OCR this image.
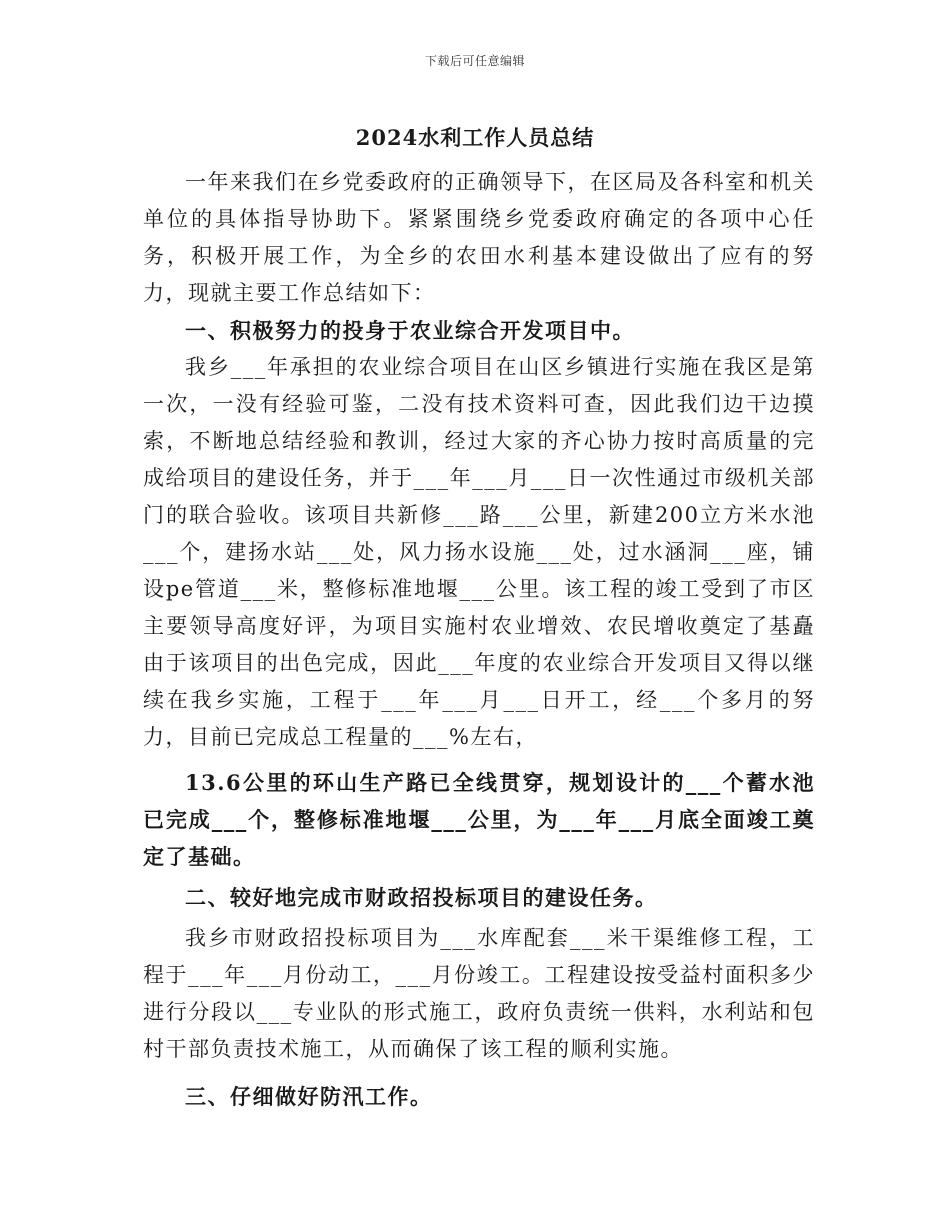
下载后可任意编辑
2024水利工作人员总结

一年来我们在乡党委政府的正确领导下，在区局及各科室和机关单位的具体指导协助下。紧紧围绕乡党委政府确定的各项中心任务，积极开展工作，为全乡的农田水利基本建设做出了应有的努力，现就主要工作总结如下：

一、积极努力的投身于农业综合开发项目中。

我乡___年承担的农业综合项目在山区乡镇进行实施在我区是第一次，一没有经验可鉴，二没有技术资料可查，因此我们边干边摸索，不断地总结经验和教训，经过大家的齐心协力按时高质量的完成给项目的建设任务，并于___年___月___日一次性通过市级机关部门的联合验收。该项目共新修___路___公里，新建200立方米水池___个，建扬水站___处，风力扬水设施___处，过水涵洞___座，铺设pe管道___米，整修标准地堰___公里。该工程的竣工受到了市区主要领导高度好评，为项目实施村农业增效、农民增收奠定了基矗由于该项目的出色完成，因此___年度的农业综合开发项目又得以继续在我乡实施，工程于___年___月___日开工，经___个多月的努力，目前已完成总工程量的___%左右，

13.6公里的环山生产路已全线贯穿，规划设计的___个蓄水池已完成___个，整修标准地堰___公里，为___年___月底全面竣工奠定了基础。

二、较好地完成市财政招投标项目的建设任务。

我乡市财政招投标项目为___水库配套___米干渠维修工程，工程于___年___月份动工，___月份竣工。工程建设按受益村面积多少进行分段以___专业队的形式施工，政府负责统一供料，水利站和包村干部负责技术施工，从而确保了该工程的顺利实施。

三、仔细做好防汛工作。
